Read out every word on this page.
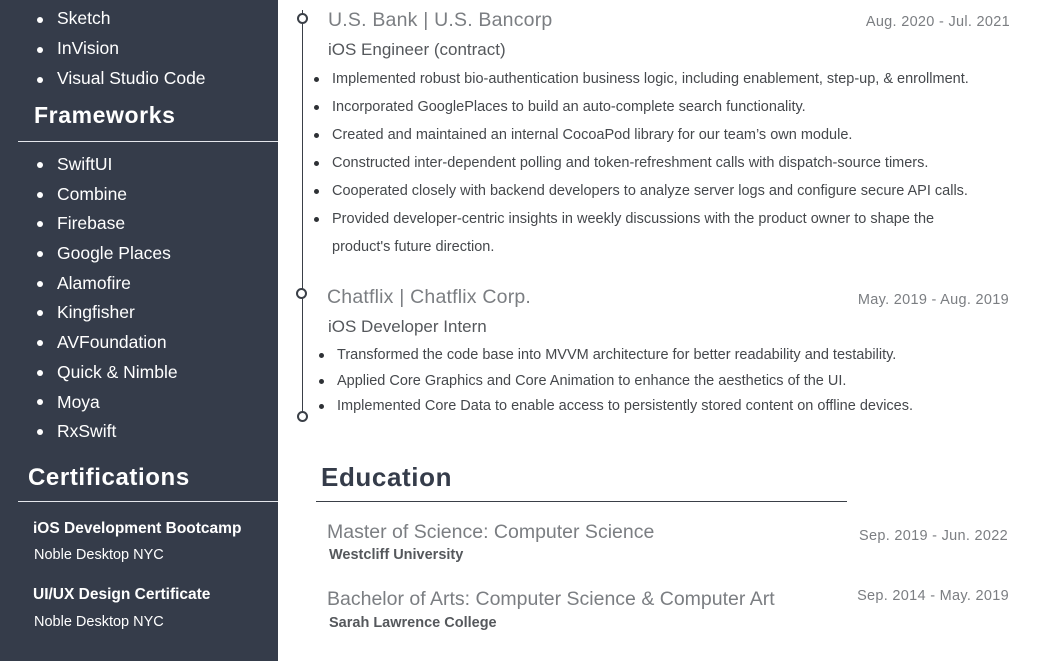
Sketch
InVision
Visual Studio Code
Frameworks
SwiftUI
Combine
Firebase
Google Places
Alamofire
Kingfisher
AVFoundation
Quick & Nimble
Moya
RxSwift
Certifications
iOS Development Bootcamp
Noble Desktop NYC
UI/UX Design Certificate
Noble Desktop NYC
U.S. Bank | U.S. Bancorp	Aug. 2020 - Jul. 2021
iOS Engineer (contract)
Implemented robust bio-authentication business logic, including enablement, step-up, & enrollment.
Incorporated GooglePlaces to build an auto-complete search functionality.
Created and maintained an internal CocoaPod library for our team’s own module.
Constructed inter-dependent polling and token-refreshment calls with dispatch-source timers.
Cooperated closely with backend developers to analyze server logs and configure secure API calls.
Provided developer-centric insights in weekly discussions with the product owner to shape the
product's future direction.
Chatflix | Chatflix Corp.	May. 2019 - Aug. 2019
iOS Developer Intern
Transformed the code base into MVVM architecture for better readability and testability.
Applied Core Graphics and Core Animation to enhance the aesthetics of the UI.
Implemented Core Data to enable access to persistently stored content on offline devices.
Education
Master of Science: Computer Science	Sep. 2019 - Jun. 2022
Westcliff University
Bachelor of Arts: Computer Science & Computer Art	Sep. 2014 - May. 2019
Sarah Lawrence College
